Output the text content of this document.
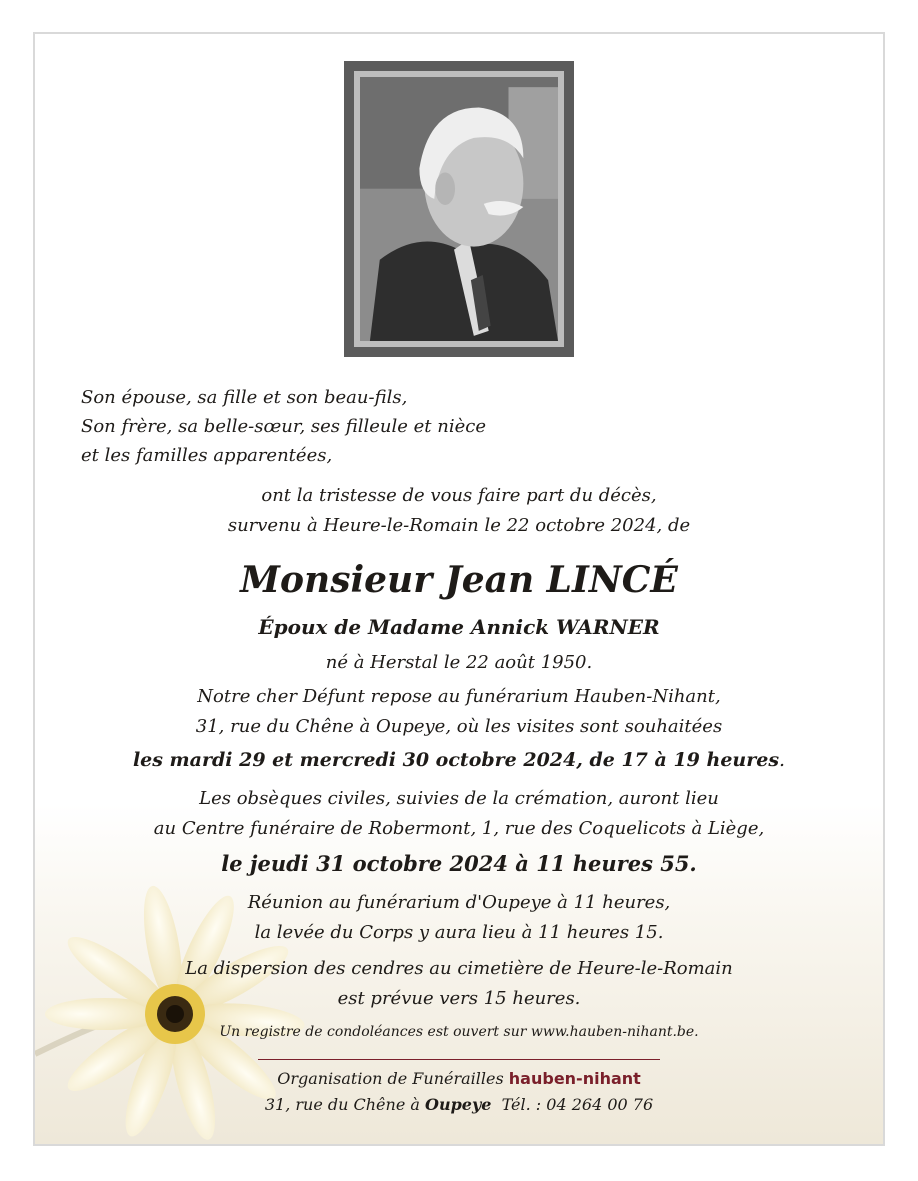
Son épouse, sa fille et son beau-fils,
Son frère, sa belle-sœur, ses filleule et nièce
et les familles apparentées,
ont la tristesse de vous faire part du décès,
survenu à Heure-le-Romain le 22 octobre 2024, de
Monsieur Jean LINCÉ
Époux de Madame Annick WARNER
né à Herstal le 22 août 1950.
Notre cher Défunt repose au funérarium Hauben-Nihant,
31, rue du Chêne à Oupeye, où les visites sont souhaitées
les mardi 29 et mercredi 30 octobre 2024, de 17 à 19 heures.
Les obsèques civiles, suivies de la crémation, auront lieu
au Centre funéraire de Robermont, 1, rue des Coquelicots à Liège,
le jeudi 31 octobre 2024 à 11 heures 55.
Réunion au funérarium d'Oupeye à 11 heures,
la levée du Corps y aura lieu à 11 heures 15.
La dispersion des cendres au cimetière de Heure-le-Romain
est prévue vers 15 heures.
Un registre de condoléances est ouvert sur www.hauben-nihant.be.
Organisation de Funérailles hauben-nihant
31, rue du Chêne à Oupeye Tél. : 04 264 00 76
